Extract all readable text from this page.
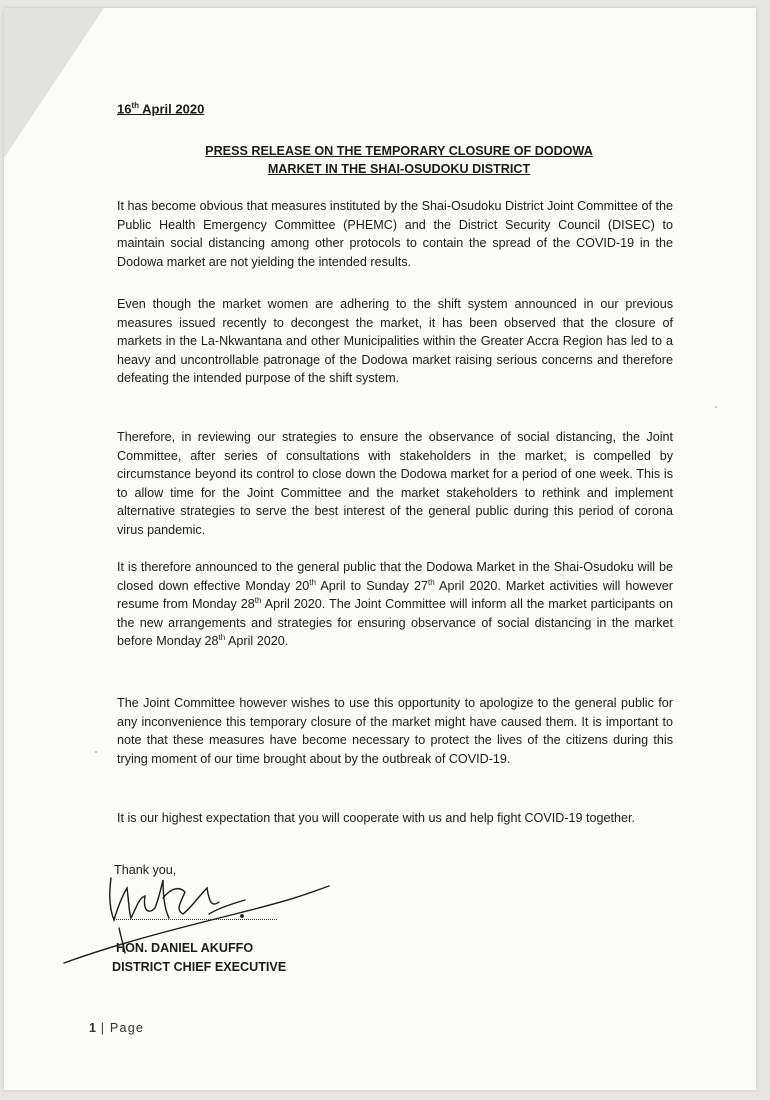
16th April 2020
PRESS RELEASE ON THE TEMPORARY CLOSURE OF DODOWA
MARKET IN THE SHAI-OSUDOKU DISTRICT

It has become obvious that measures instituted by the Shai-Osudoku District Joint Committee of the Public Health Emergency Committee (PHEMC) and the District Security Council (DISEC) to maintain social distancing among other protocols to contain the spread of the COVID-19 in the Dodowa market are not yielding the intended results.

Even though the market women are adhering to the shift system announced in our previous measures issued recently to decongest the market, it has been observed that the closure of markets in the La-Nkwantana and other Municipalities within the Greater Accra Region has led to a heavy and uncontrollable patronage of the Dodowa market raising serious concerns and therefore defeating the intended purpose of the shift system.

Therefore, in reviewing our strategies to ensure the observance of social distancing, the Joint Committee, after series of consultations with stakeholders in the market, is compelled by circumstance beyond its control to close down the Dodowa market for a period of one week. This is to allow time for the Joint Committee and the market stakeholders to rethink and implement alternative strategies to serve the best interest of the general public during this period of corona virus pandemic.

It is therefore announced to the general public that the Dodowa Market in the Shai-Osudoku will be closed down effective Monday 20th April to Sunday 27th April 2020. Market activities will however resume from Monday 28th April 2020. The Joint Committee will inform all the market participants on the new arrangements and strategies for ensuring observance of social distancing in the market before Monday 28th April 2020.

The Joint Committee however wishes to use this opportunity to apologize to the general public for any inconvenience this temporary closure of the market might have caused them. It is important to note that these measures have become necessary to protect the lives of the citizens during this trying moment of our time brought about by the outbreak of COVID-19.

It is our highest expectation that you will cooperate with us and help fight COVID-19 together.

Thank you,
HON. DANIEL AKUFFO
DISTRICT CHIEF EXECUTIVE
1 | Page
